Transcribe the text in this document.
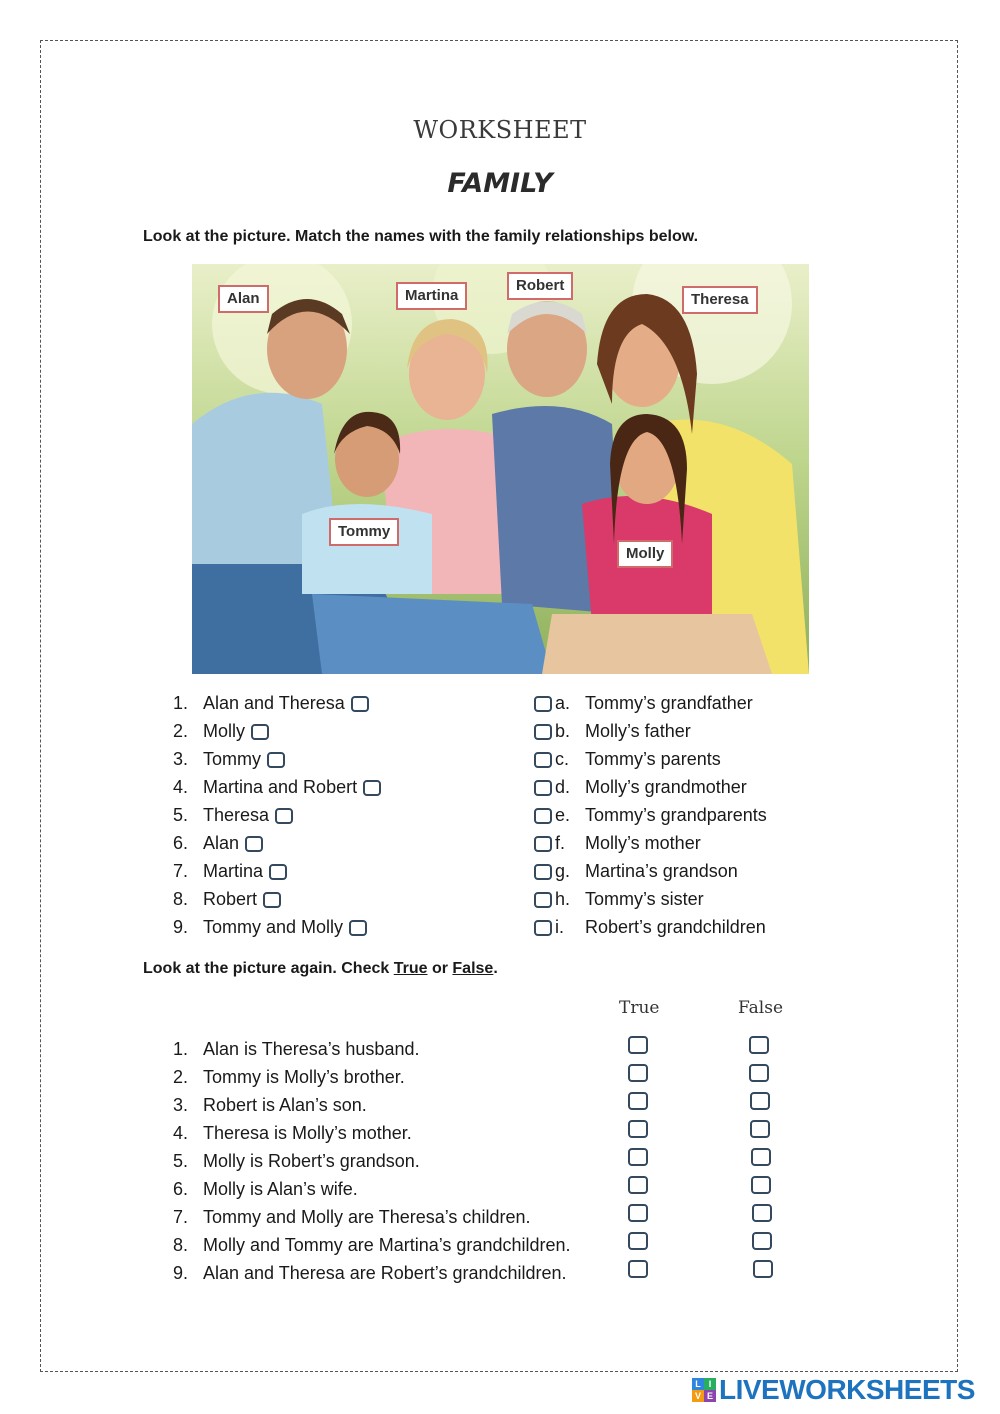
WORKSHEET
FAMILY
Look at the picture. Match the names with the family relationships below.
Alan	Martina
Robert
Theresa
Tommy
Molly
1. Alan and Theresa
2. Molly
3. Tommy
4. Martina and Robert
5. Theresa
6. Alan
7. Martina
8. Robert
9. Tommy and Molly
a. Tommy’s grandfather
b. Molly’s father
c. Tommy’s parents
d. Molly’s grandmother
e. Tommy’s grandparents
f. Molly’s mother
g. Martina’s grandson
h. Tommy’s sister
i. Robert’s grandchildren
Look at the picture again. Check True or False.
True	False
1. Alan is Theresa’s husband.
2. Tommy is Molly’s brother.
3. Robert is Alan’s son.
4. Theresa is Molly’s mother.
5. Molly is Robert’s grandson.
6. Molly is Alan’s wife.
7. Tommy and Molly are Theresa’s children.
8. Molly and Tommy are Martina’s grandchildren.
9. Alan and Theresa are Robert’s grandchildren.
L I
V E LIVEWORKSHEETS
